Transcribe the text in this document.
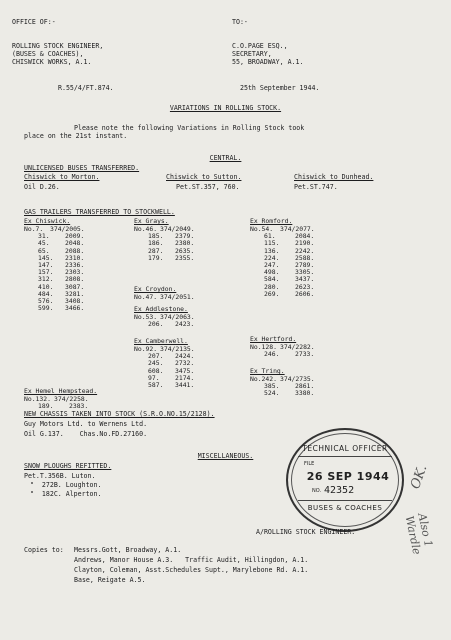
OFFICE OF:-	TO:-
ROLLING STOCK ENGINEER,
(BUSES & COACHES),
CHISWICK WORKS, A.1.
C.O.PAGE ESQ.,
SECRETARY,
55, BROADWAY, A.1.
R.55/4/FT.874.	25th September 1944.
VARIATIONS IN ROLLING STOCK.
Please note the following Variations in Rolling Stock took
place on the 21st instant.
CENTRAL.
UNLICENSED BUSES TRANSFERRED.
Chiswick to Morton.
Oil D.26.
Chiswick to Sutton.
Pet.ST.357, 760.
Chiswick to Dunhead.
Pet.ST.747.
GAS TRAILERS TRANSFERRED TO STOCKWELL.
Ex Chiswick.
No.7. 374/2005.
31. 2009.
45. 2048.
65. 2088.
145. 2310.
147. 2336.
157. 2303.
312. 2808.
410. 3087.
484. 3281.
576. 3408.
599. 3466.
Ex Hemel Hempstead.
No.132. 374/2258.
189. 2383.
Ex Grays.
No.46. 374/2049.
185. 2379.
186. 2380.
287. 2635.
179. 2355.
Ex Croydon.
No.47. 374/2051.
Ex Addlestone.
No.53. 374/2063.
206. 2423.
Ex Camberwell.
No.92. 374/2135.
207. 2424.
245. 2732.
608. 3475.
97. 2174.
587. 3441.
Ex Romford.
No.54. 374/2077.
61.	2084.
115. 2190.
136. 2242.
224. 2588.
247. 2789.
498. 3305.
584. 3437.
280. 2623.
269. 2606.
Ex Hertford.
No.128. 374/2282.
246. 2733.
Ex Tring.
No.242. 374/2735.
385. 2861.
524. 3380.
NEW CHASSIS TAKEN INTO STOCK (S.R.O.NO.15/2128).
Guy Motors Ltd. to Wernens Ltd.
Oil G.137.    Chas.No.FD.27160.
MISCELLANEOUS.
SNOW PLOUGHS REFITTED.
Pet.T.356B. Luton.
"  272B. Loughton.
"  182C. Alperton.
TECHNICAL OFFICER
FILE
26 SEP 1944
NO. 42352
BUSES & COACHES
OK.
Also 1 Wardle
A/ROLLING STOCK ENGINEER.
Copies to: Messrs.Gott, Broadway, A.1.
Andrews, Manor House A.3.   Traffic Audit, Hillingdon, A.1.
Clayton, Coleman, Asst.Schedules Supt., Marylebone Rd. A.1.
Base, Reigate A.5.
